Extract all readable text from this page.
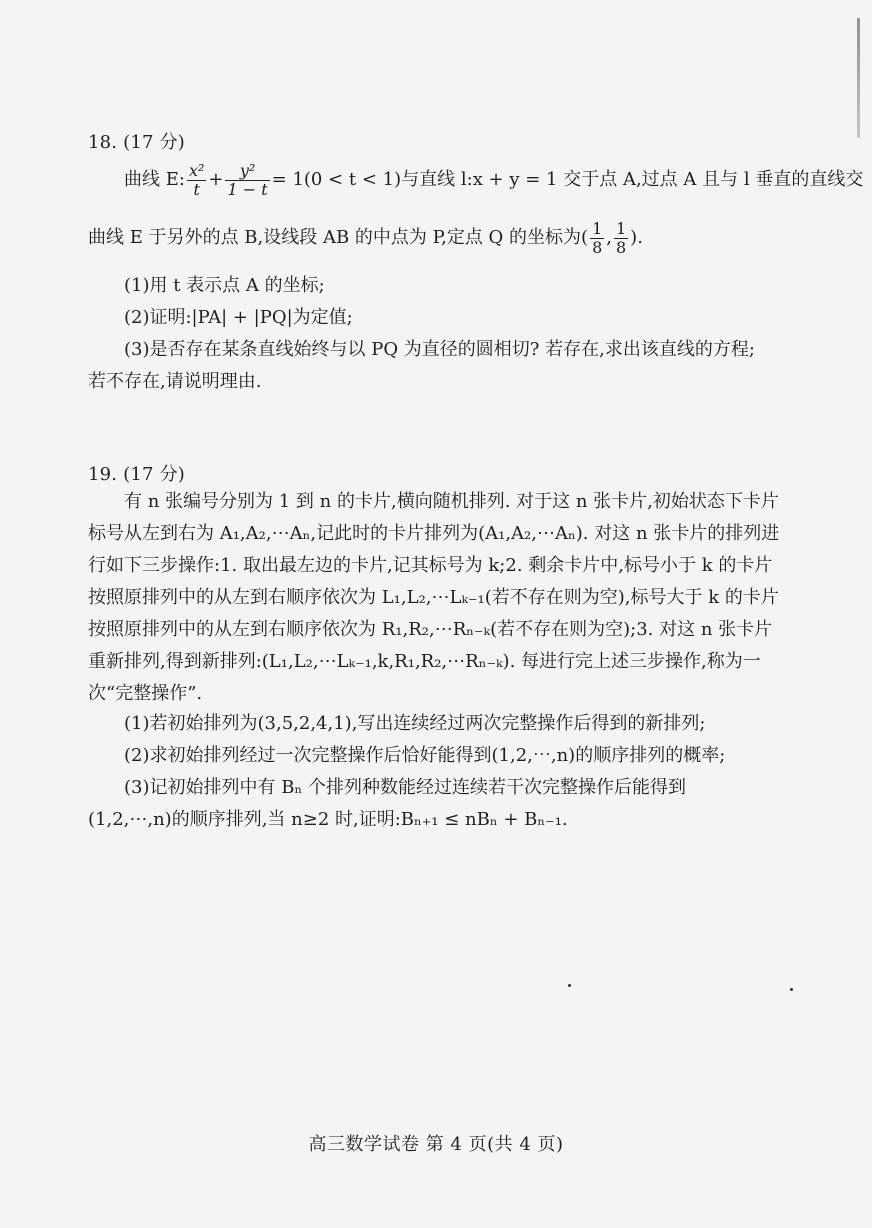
18. (17 分)
曲线 E: $\frac{\text{x²}}{t} + \frac{\text{y²}}{1 - t} = 1(0 < t < 1)$与直线 l:x + y = 1 交于点 A,过点 A 且与 l 垂直的直线交
曲线 E 于另外的点 B,设线段 AB 的中点为 P,定点 Q 的坐标为( $\frac{1}{8}$ , $\frac{1}{8}$ ).
(1)用 t 表示点 A 的坐标;
(2)证明:|PA| + |PQ|为定值;
(3)是否存在某条直线始终与以 PQ 为直径的圆相切? 若存在,求出该直线的方程;
若不存在,请说明理由.
19. (17 分)
有 n 张编号分别为 1 到 n 的卡片,横向随机排列. 对于这 n 张卡片,初始状态下卡片
标号从左到右为 A₁,A₂,⋯Aₙ,记此时的卡片排列为(A₁,A₂,⋯Aₙ). 对这 n 张卡片的排列进
行如下三步操作:1. 取出最左边的卡片,记其标号为 k;2. 剩余卡片中,标号小于 k 的卡片
按照原排列中的从左到右顺序依次为 L₁,L₂,⋯Lₖ₋₁(若不存在则为空),标号大于 k 的卡片
按照原排列中的从左到右顺序依次为 R₁,R₂,⋯Rₙ₋ₖ(若不存在则为空);3. 对这 n 张卡片
重新排列,得到新排列:(L₁,L₂,⋯Lₖ₋₁,k,R₁,R₂,⋯Rₙ₋ₖ). 每进行完上述三步操作,称为一
次“完整操作”.
(1)若初始排列为(3,5,2,4,1),写出连续经过两次完整操作后得到的新排列;
(2)求初始排列经过一次完整操作后恰好能得到(1,2,⋯,n)的顺序排列的概率;
(3)记初始排列中有 Bₙ 个排列种数能经过连续若干次完整操作后能得到
(1,2,⋯,n)的顺序排列,当 n≥2 时,证明:Bₙ₊₁ ≤ nBₙ + Bₙ₋₁.
高三数学试卷 第 4 页(共 4 页)
